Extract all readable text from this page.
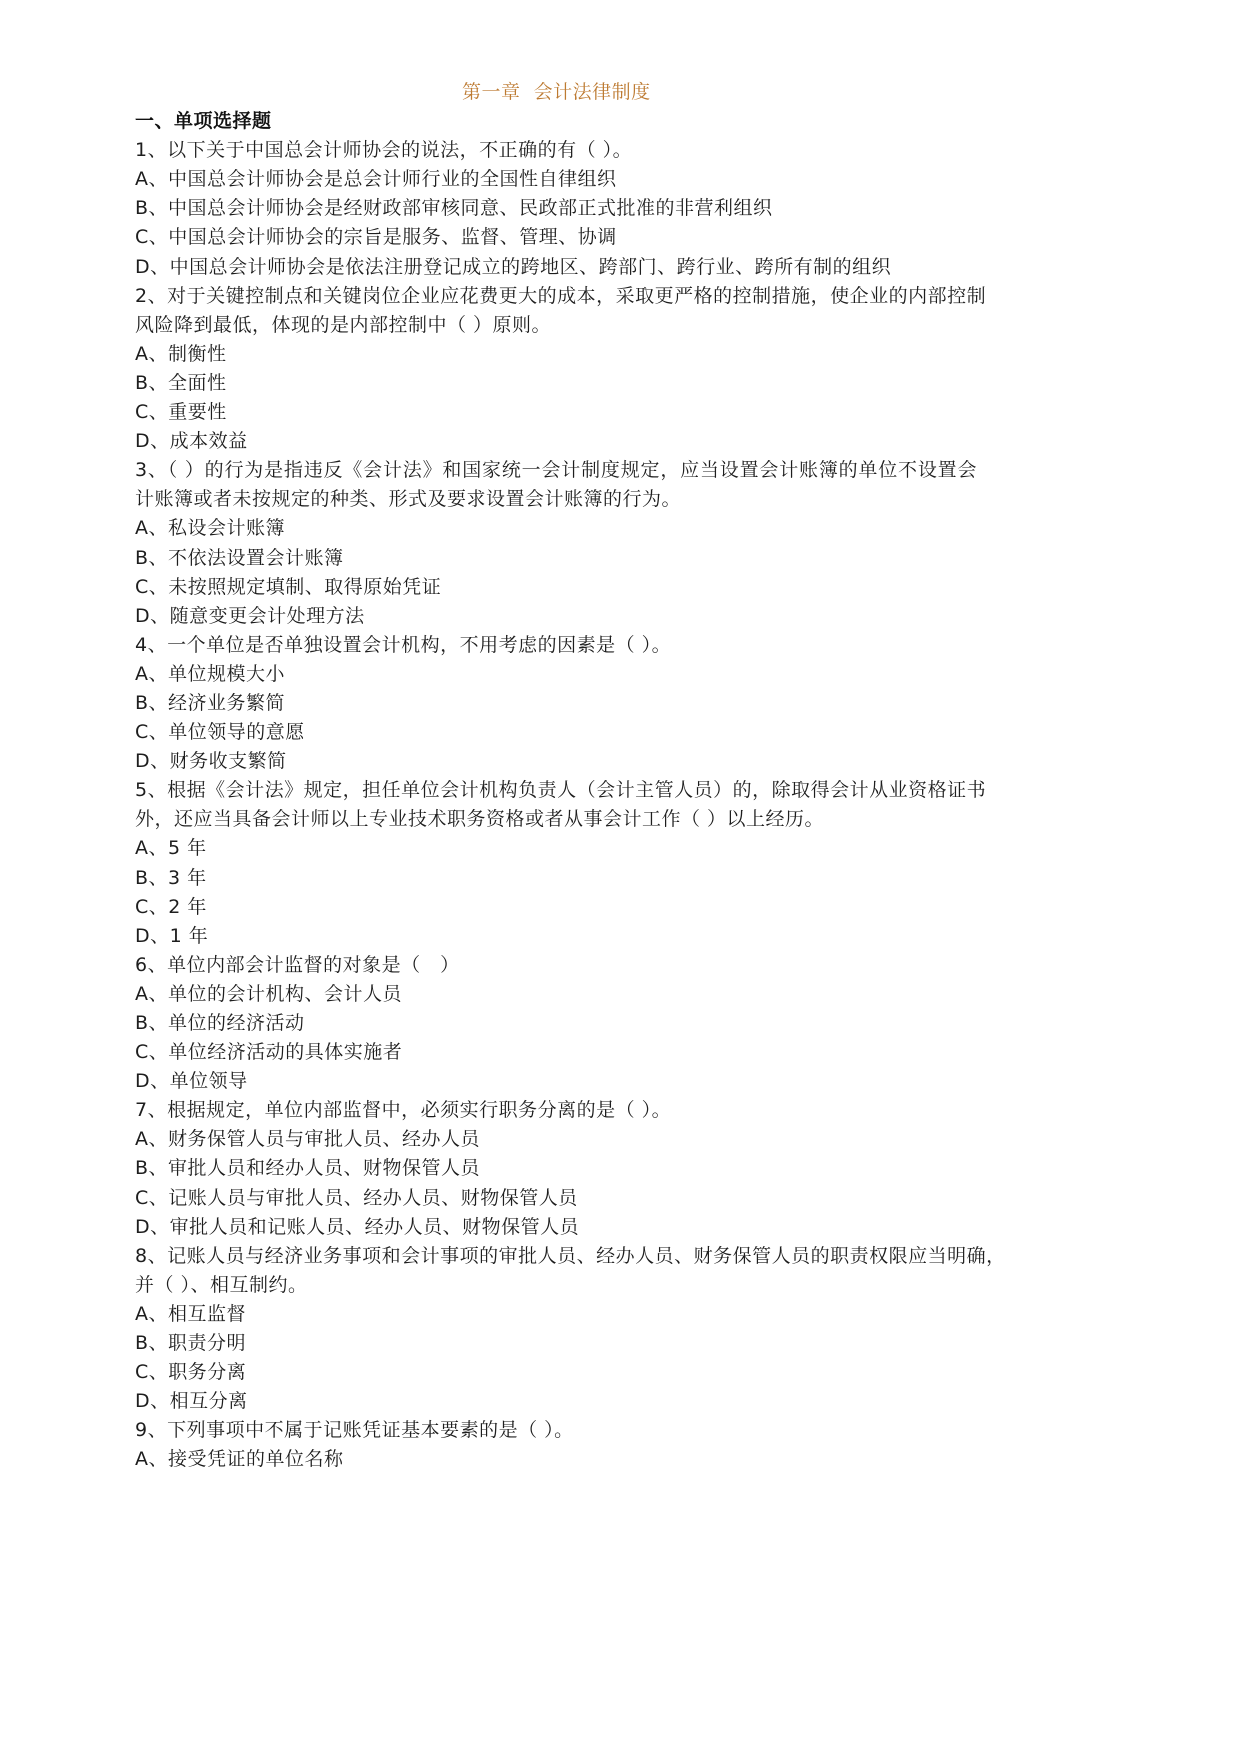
第一章  会计法律制度
一、单项选择题
1、以下关于中国总会计师协会的说法，不正确的有（ ）。
A、中国总会计师协会是总会计师行业的全国性自律组织
B、中国总会计师协会是经财政部审核同意、民政部正式批准的非营利组织
C、中国总会计师协会的宗旨是服务、监督、管理、协调
D、中国总会计师协会是依法注册登记成立的跨地区、跨部门、跨行业、跨所有制的组织
2、对于关键控制点和关键岗位企业应花费更大的成本，采取更严格的控制措施，使企业的内部控制
风险降到最低，体现的是内部控制中（ ）原则。
A、制衡性
B、全面性
C、重要性
D、成本效益
3、（ ）的行为是指违反《会计法》和国家统一会计制度规定，应当设置会计账簿的单位不设置会
计账簿或者未按规定的种类、形式及要求设置会计账簿的行为。
A、私设会计账簿
B、不依法设置会计账簿
C、未按照规定填制、取得原始凭证
D、随意变更会计处理方法
4、一个单位是否单独设置会计机构，不用考虑的因素是（ ）。
A、单位规模大小
B、经济业务繁简
C、单位领导的意愿
D、财务收支繁简
5、根据《会计法》规定，担任单位会计机构负责人（会计主管人员）的，除取得会计从业资格证书
外，还应当具备会计师以上专业技术职务资格或者从事会计工作（ ）以上经历。
A、5 年
B、3 年
C、2 年
D、1 年
6、单位内部会计监督的对象是（　）
A、单位的会计机构、会计人员
B、单位的经济活动
C、单位经济活动的具体实施者
D、单位领导
7、根据规定，单位内部监督中，必须实行职务分离的是（ ）。
A、财务保管人员与审批人员、经办人员
B、审批人员和经办人员、财物保管人员
C、记账人员与审批人员、经办人员、财物保管人员
D、审批人员和记账人员、经办人员、财物保管人员
8、记账人员与经济业务事项和会计事项的审批人员、经办人员、财务保管人员的职责权限应当明确，
并（ ）、相互制约。
A、相互监督
B、职责分明
C、职务分离
D、相互分离
9、下列事项中不属于记账凭证基本要素的是（ ）。
A、接受凭证的单位名称
